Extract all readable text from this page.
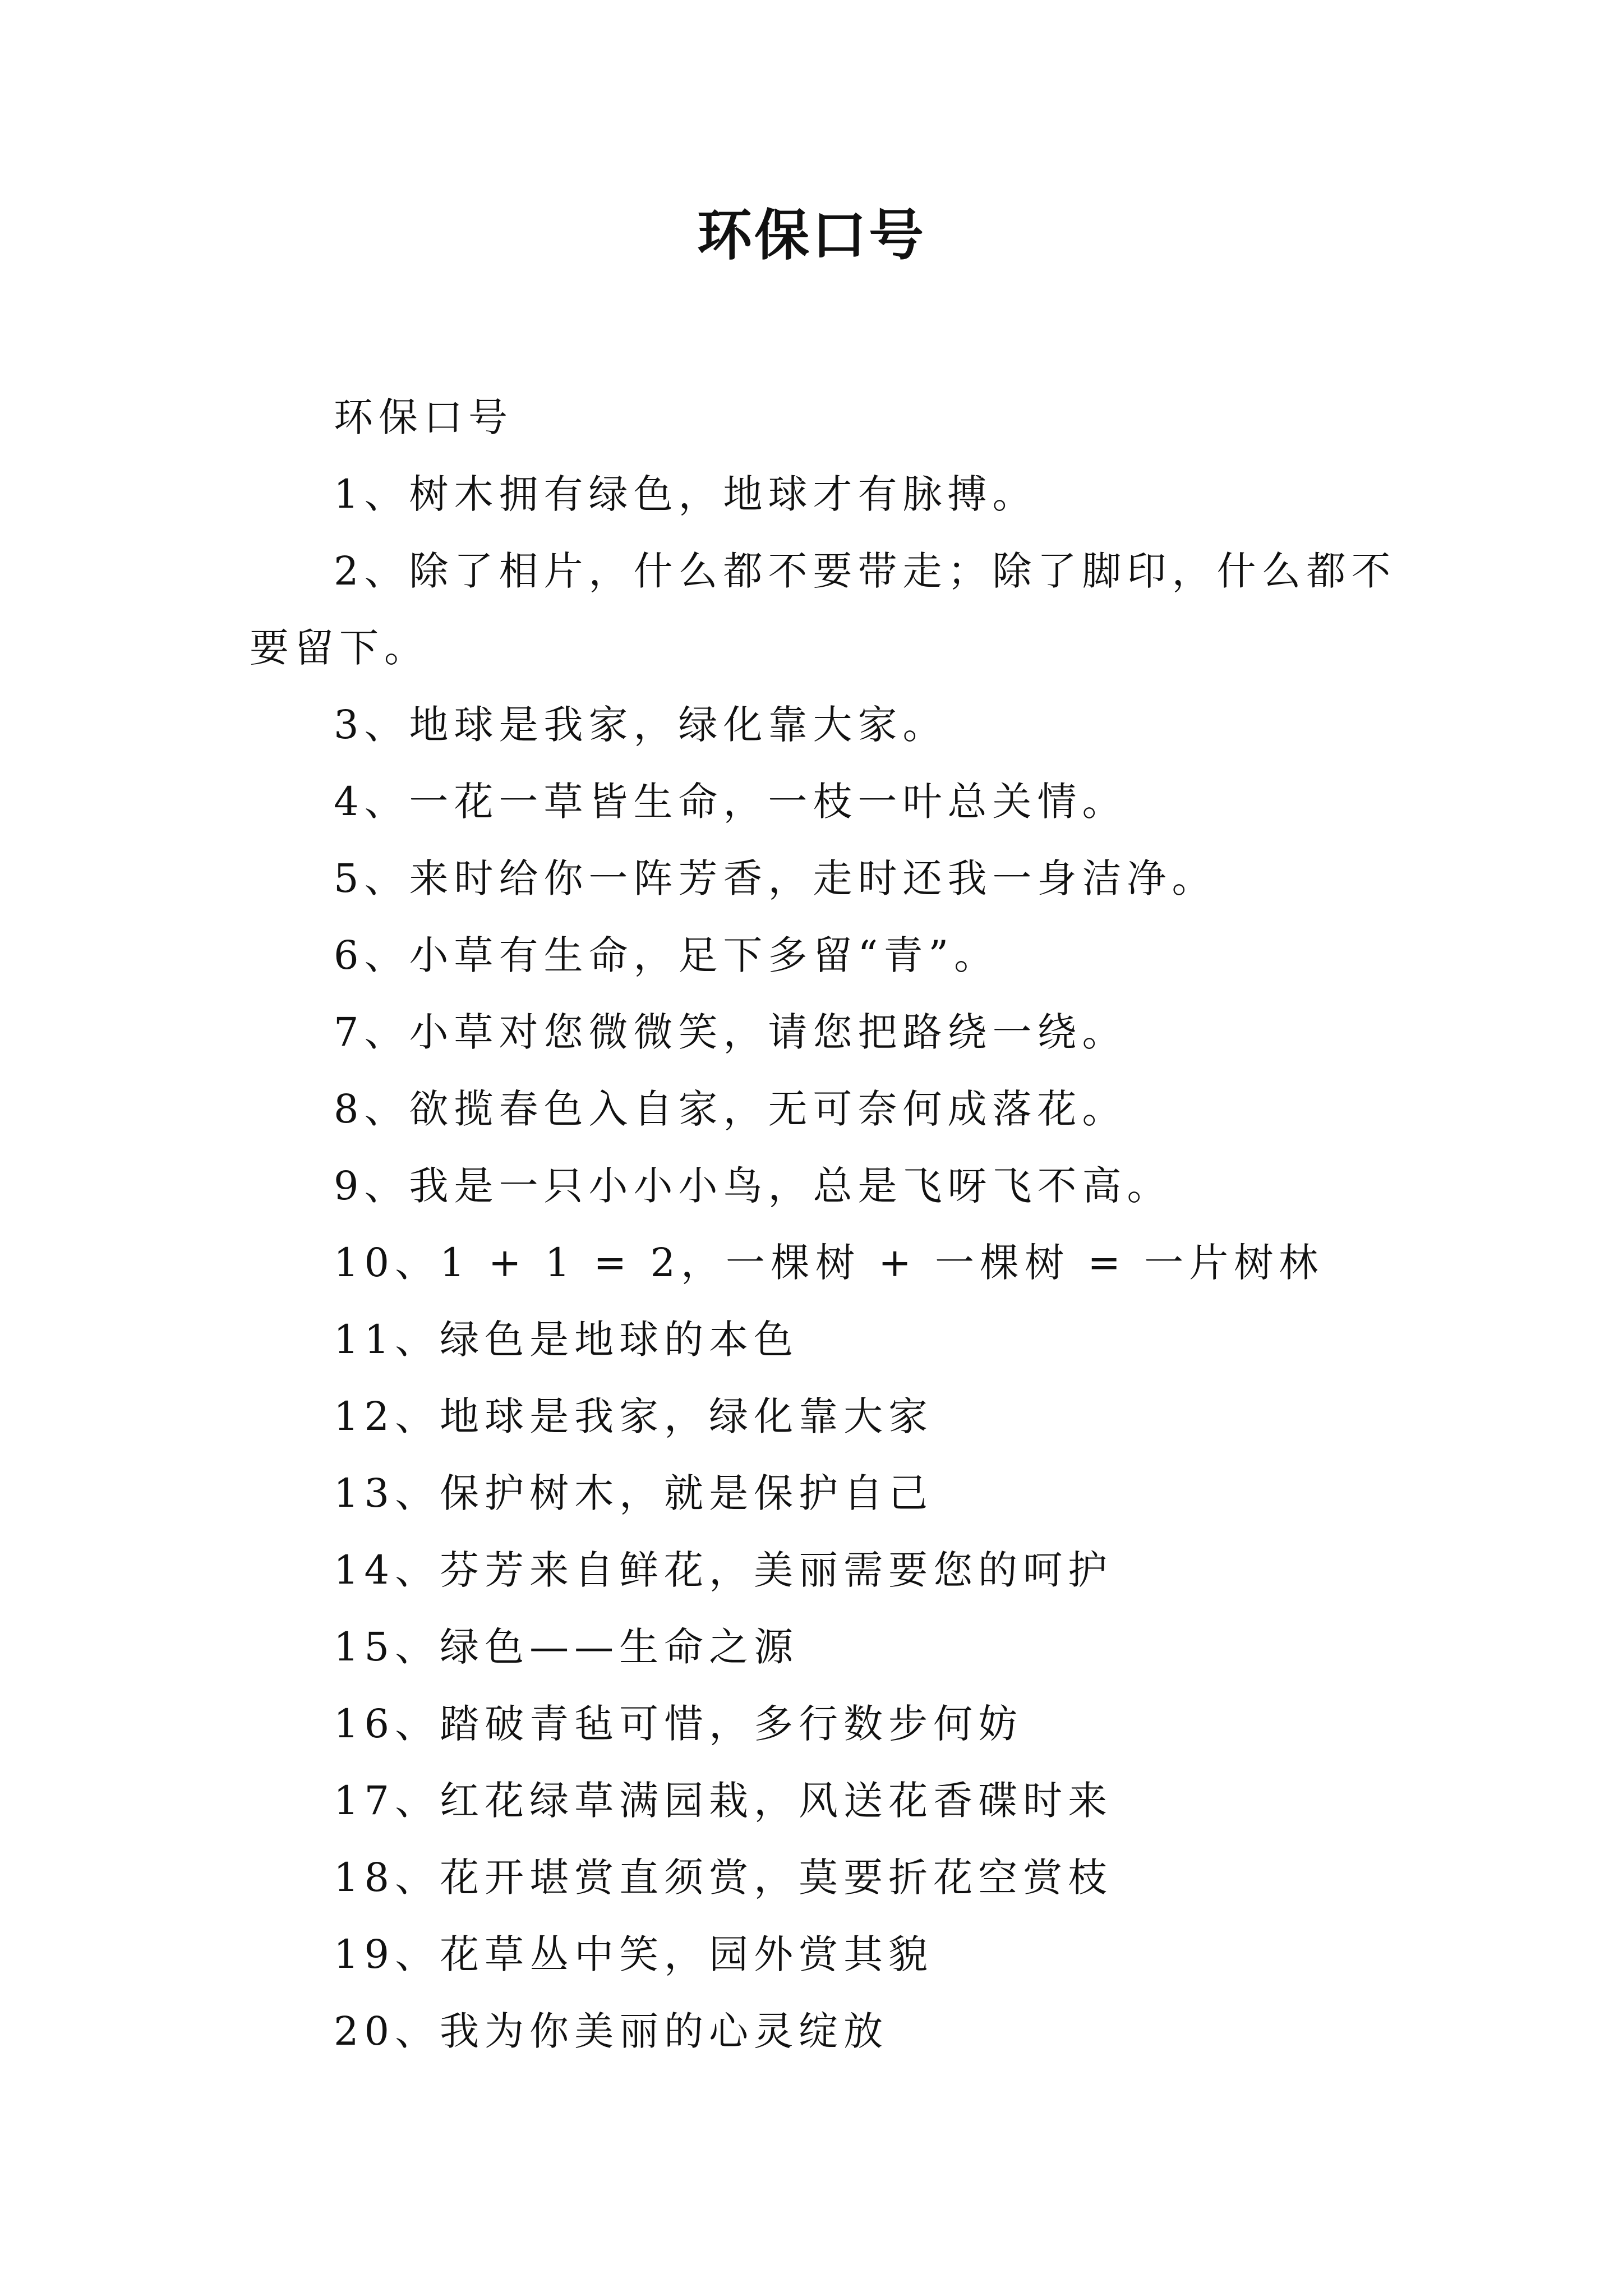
环保口号

环保口号

1、树木拥有绿色，地球才有脉搏。

2、除了相片，什么都不要带走；除了脚印，什么都不要留下。

3、地球是我家，绿化靠大家。

4、一花一草皆生命，一枝一叶总关情。

5、来时给你一阵芳香，走时还我一身洁净。

6、小草有生命，足下多留“青”。

7、小草对您微微笑，请您把路绕一绕。

8、欲揽春色入自家，无可奈何成落花。

9、我是一只小小小鸟，总是飞呀飞不高。

10、1 + 1 = 2，一棵树 + 一棵树 = 一片树林

11、绿色是地球的本色

12、地球是我家，绿化靠大家

13、保护树木，就是保护自己

14、芬芳来自鲜花，美丽需要您的呵护

15、绿色——生命之源

16、踏破青毡可惜，多行数步何妨

17、红花绿草满园栽，风送花香碟时来

18、花开堪赏直须赏，莫要折花空赏枝

19、花草丛中笑，园外赏其貌

20、我为你美丽的心灵绽放
